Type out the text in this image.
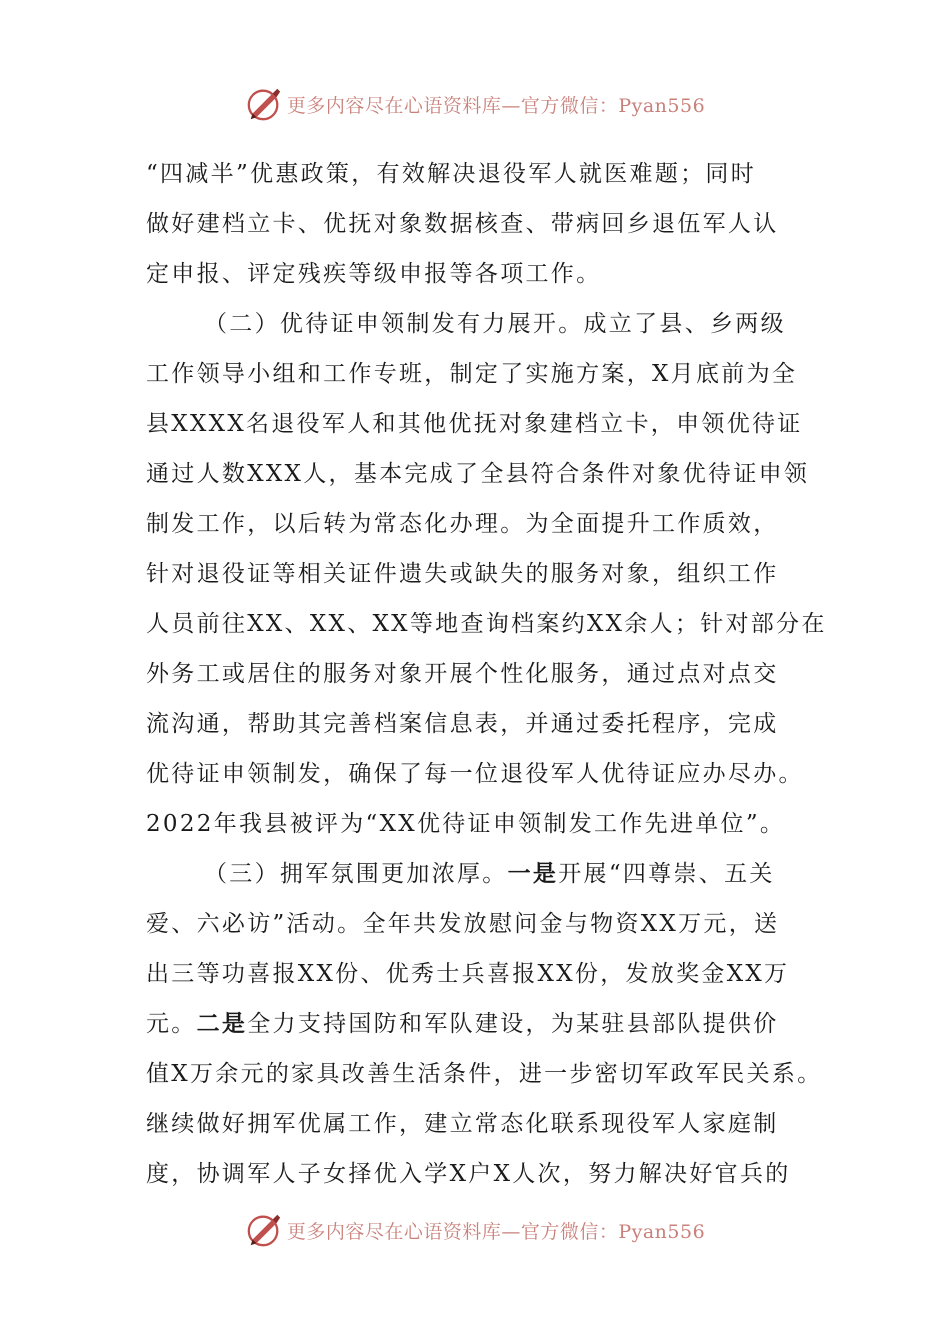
更多内容尽在心语资料库—官方微信：Pyan556
“四减半”优惠政策，有效解决退役军人就医难题；同时
做好建档立卡、优抚对象数据核查、带病回乡退伍军人认
定申报、评定残疾等级申报等各项工作。
（二）优待证申领制发有力展开。成立了县、乡两级
工作领导小组和工作专班，制定了实施方案，X月底前为全
县XXXX名退役军人和其他优抚对象建档立卡，申领优待证
通过人数XXX人，基本完成了全县符合条件对象优待证申领
制发工作，以后转为常态化办理。为全面提升工作质效，
针对退役证等相关证件遗失或缺失的服务对象，组织工作
人员前往XX、XX、XX等地查询档案约XX余人；针对部分在
外务工或居住的服务对象开展个性化服务，通过点对点交
流沟通，帮助其完善档案信息表，并通过委托程序，完成
优待证申领制发，确保了每一位退役军人优待证应办尽办。
2022年我县被评为“XX优待证申领制发工作先进单位”。
（三）拥军氛围更加浓厚。一是开展“四尊崇、五关
爱、六必访”活动。全年共发放慰问金与物资XX万元，送
出三等功喜报XX份、优秀士兵喜报XX份，发放奖金XX万
元。二是全力支持国防和军队建设，为某驻县部队提供价
值X万余元的家具改善生活条件，进一步密切军政军民关系。
继续做好拥军优属工作，建立常态化联系现役军人家庭制
度，协调军人子女择优入学X户X人次，努力解决好官兵的
更多内容尽在心语资料库—官方微信：Pyan556
